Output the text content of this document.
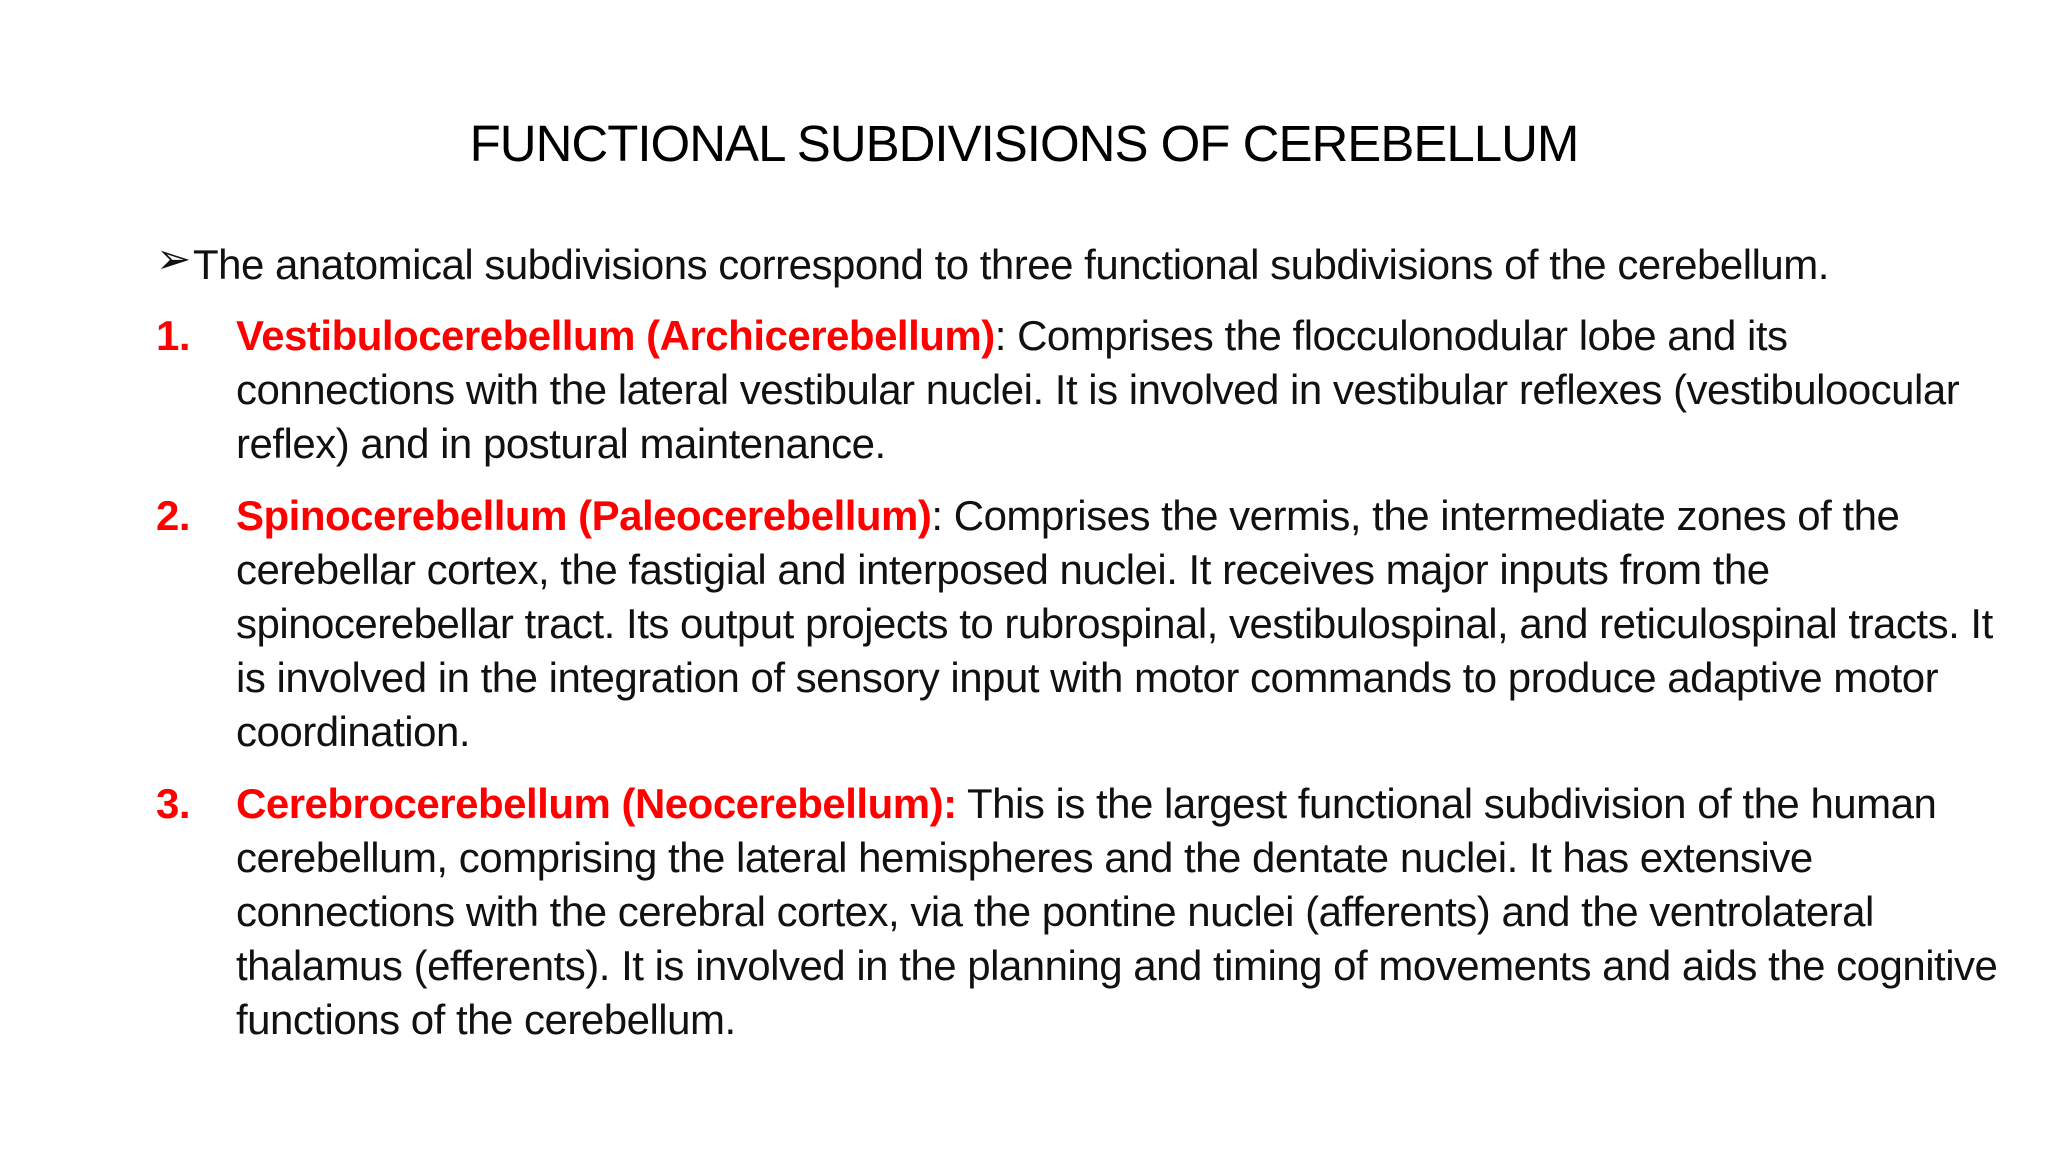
FUNCTIONAL SUBDIVISIONS OF CEREBELLUM

➢ The anatomical subdivisions correspond to three functional subdivisions of the cerebellum.

1. Vestibulocerebellum (Archicerebellum): Comprises the flocculonodular lobe and its connections with the lateral vestibular nuclei. It is involved in vestibular reflexes (vestibuloocular reflex) and in postural maintenance.

2. Spinocerebellum (Paleocerebellum): Comprises the vermis, the intermediate zones of the cerebellar cortex, the fastigial and interposed nuclei. It receives major inputs from the spinocerebellar tract. Its output projects to rubrospinal, vestibulospinal, and reticulospinal tracts. It is involved in the integration of sensory input with motor commands to produce adaptive motor coordination.

3. Cerebrocerebellum (Neocerebellum): This is the largest functional subdivision of the human cerebellum, comprising the lateral hemispheres and the dentate nuclei. It has extensive connections with the cerebral cortex, via the pontine nuclei (afferents) and the ventrolateral thalamus (efferents). It is involved in the planning and timing of movements and aids the cognitive functions of the cerebellum.
